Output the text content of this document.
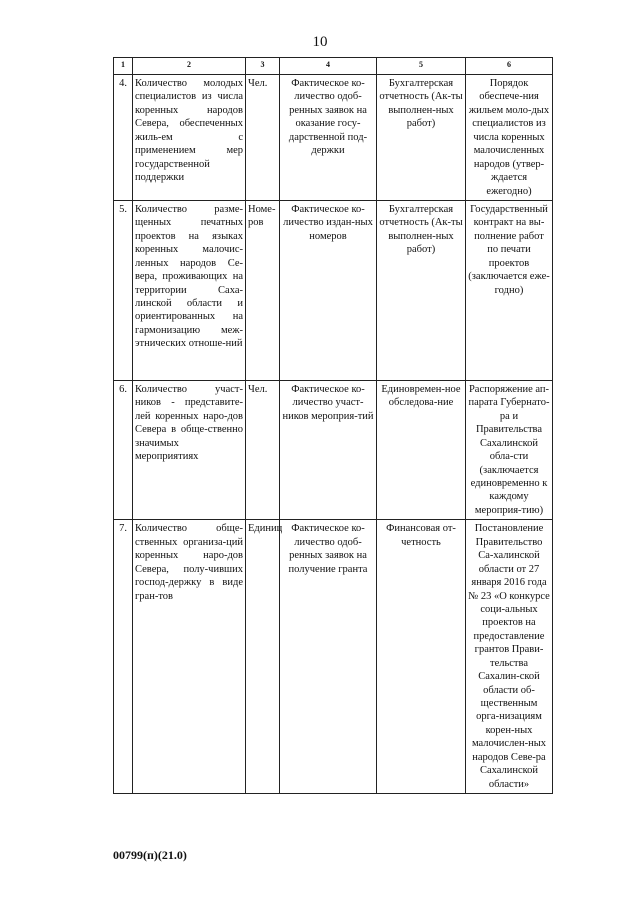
10
1	2	3	4	5	6
4.	Количество молодых специалистов из числа коренных народов Севера, обеспеченных жиль-ем с применением мер государственной поддержки	Чел.	Фактическое ко-личество одоб-ренных заявок на оказание госу-дарственной под-держки	Бухгалтерская отчетность (Ак-ты выполнен-ных работ)	Порядок обеспече-ния жильем моло-дых специалистов из числа коренных малочисленных народов (утвер-ждается ежегодно)
5.	Количество разме-щенных печатных проектов на языках коренных малочис-ленных народов Се-вера, проживающих на территории Саха-линской области и ориентированных на гармонизацию меж-этнических отноше-ний	Номе-ров	Фактическое ко-личество издан-ных номеров	Бухгалтерская отчетность (Ак-ты выполнен-ных работ)	Государственный контракт на вы-полнение работ по печати проектов (заключается еже-годно)
6.	Количество участ-ников - представите-лей коренных наро-дов Севера в обще-ственно значимых мероприятиях	Чел.	Фактическое ко-личество участ-ников мероприя-тий	Единовремен-ное обследова-ние	Распоряжение ап-парата Губернато-ра и Правительства Сахалинской обла-сти (заключается единовременно к каждому мероприя-тию)
7.	Количество обще-ственных организа-ций коренных наро-дов Севера, полу-чивших господ-держку в виде гран-тов	Единиц	Фактическое ко-личество одоб-ренных заявок на получение гранта	Финансовая от-четность	Постановление Правительство Са-халинской области от 27 января 2016 года № 23 «О конкурсе соци-альных проектов на предоставление грантов Прави-тельства Сахалин-ской области об-щественным орга-низациям корен-ных малочислен-ных народов Севе-ра Сахалинской области»
00799(п)(21.0)
